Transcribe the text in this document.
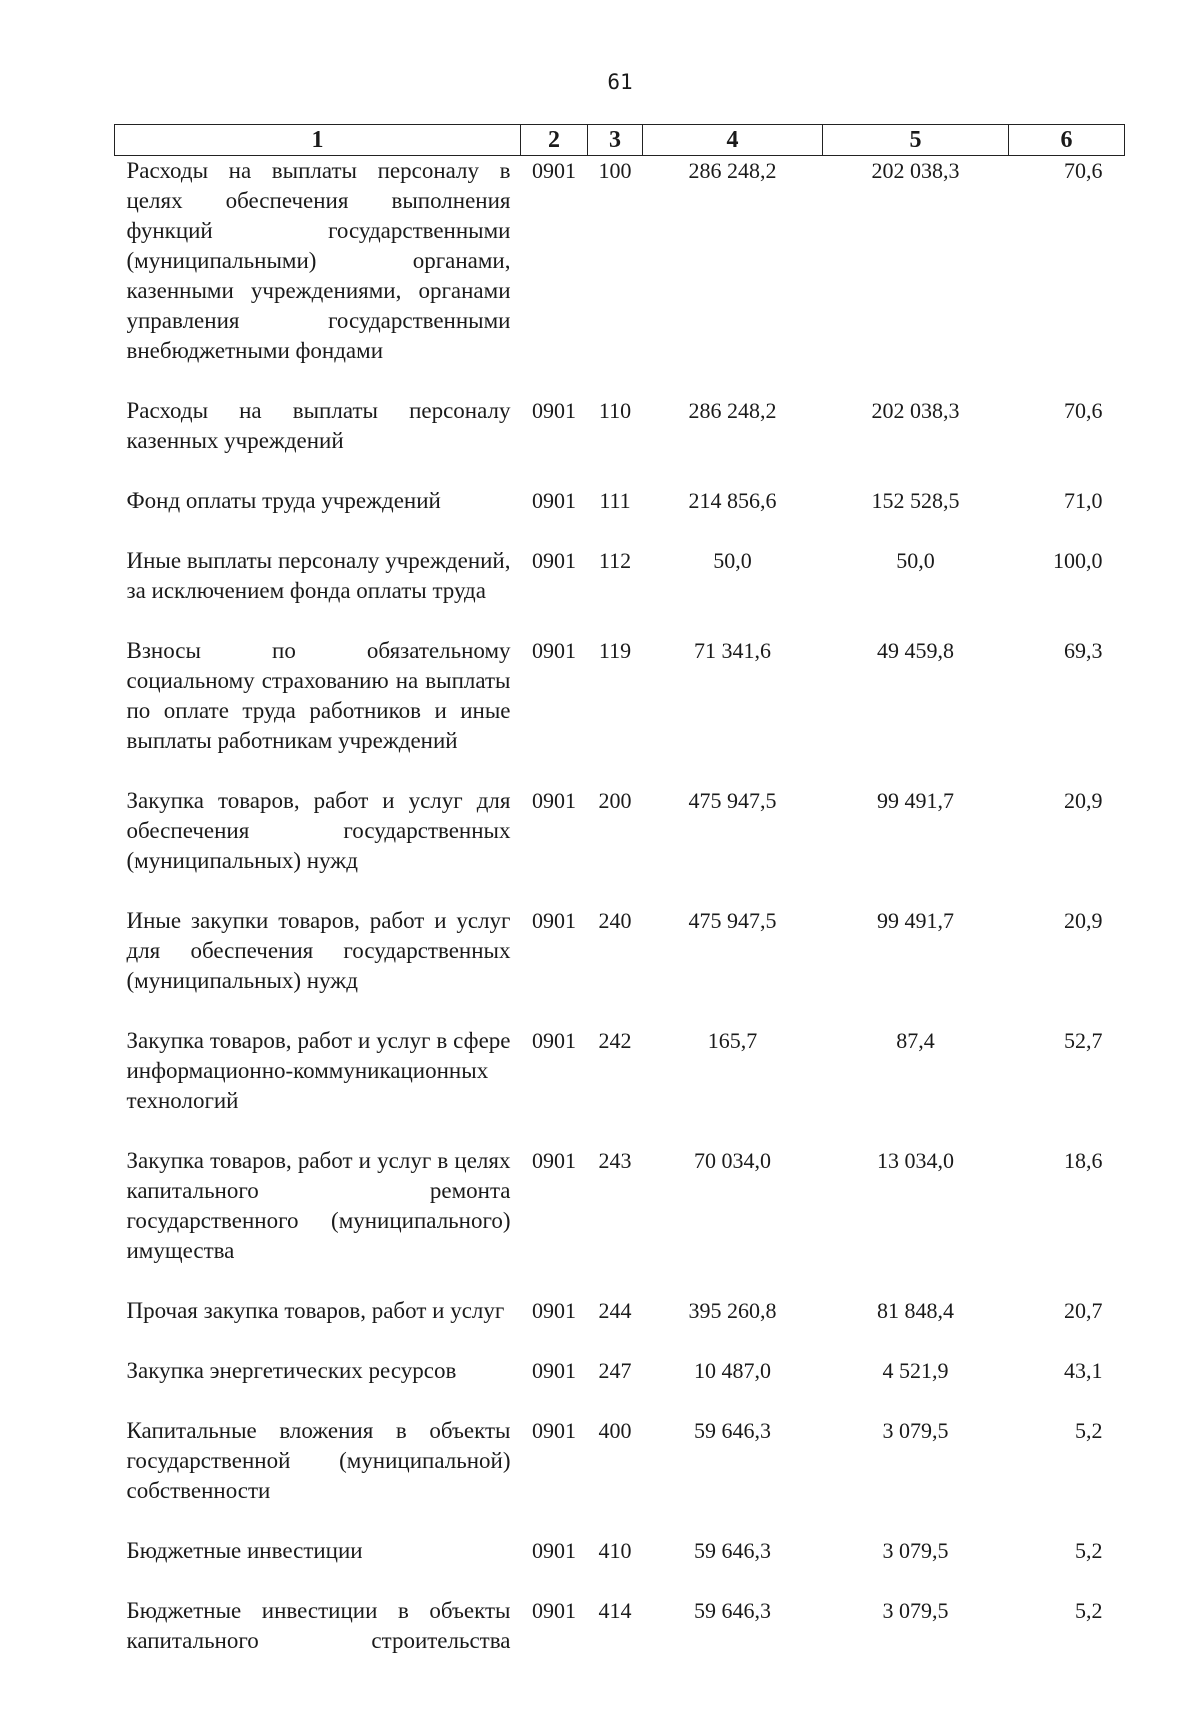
61
1	2	3	4	5	6
Расходы на выплаты персоналу в целях обеспечения выполнения функций государственными (муниципальными) органами, казенными учреждениями, органами управления государственными внебюджетными фондами	0901	100	286 248,2	202 038,3	70,6
Расходы на выплаты персоналу казенных учреждений	0901	110	286 248,2	202 038,3	70,6
Фонд оплаты труда учреждений	0901	111	214 856,6	152 528,5	71,0
Иные выплаты персоналу учреждений, за исключением фонда оплаты труда	0901	112	50,0	50,0	100,0
Взносы по обязательному социальному страхованию на выплаты по оплате труда работников и иные выплаты работникам учреждений	0901	119	71 341,6	49 459,8	69,3
Закупка товаров, работ и услуг для обеспечения государственных (муниципальных) нужд	0901	200	475 947,5	99 491,7	20,9
Иные закупки товаров, работ и услуг для обеспечения государственных (муниципальных) нужд	0901	240	475 947,5	99 491,7	20,9
Закупка товаров, работ и услуг в сфере информационно-коммуникационных технологий	0901	242	165,7	87,4	52,7
Закупка товаров, работ и услуг в целях капитального ремонта государственного (муниципального) имущества	0901	243	70 034,0	13 034,0	18,6
Прочая закупка товаров, работ и услуг	0901	244	395 260,8	81 848,4	20,7
Закупка энергетических ресурсов	0901	247	10 487,0	4 521,9	43,1
Капитальные вложения в объекты государственной (муниципальной) собственности	0901	400	59 646,3	3 079,5	5,2
Бюджетные инвестиции	0901	410	59 646,3	3 079,5	5,2
Бюджетные инвестиции в объекты капитального строительства	0901	414	59 646,3	3 079,5	5,2
